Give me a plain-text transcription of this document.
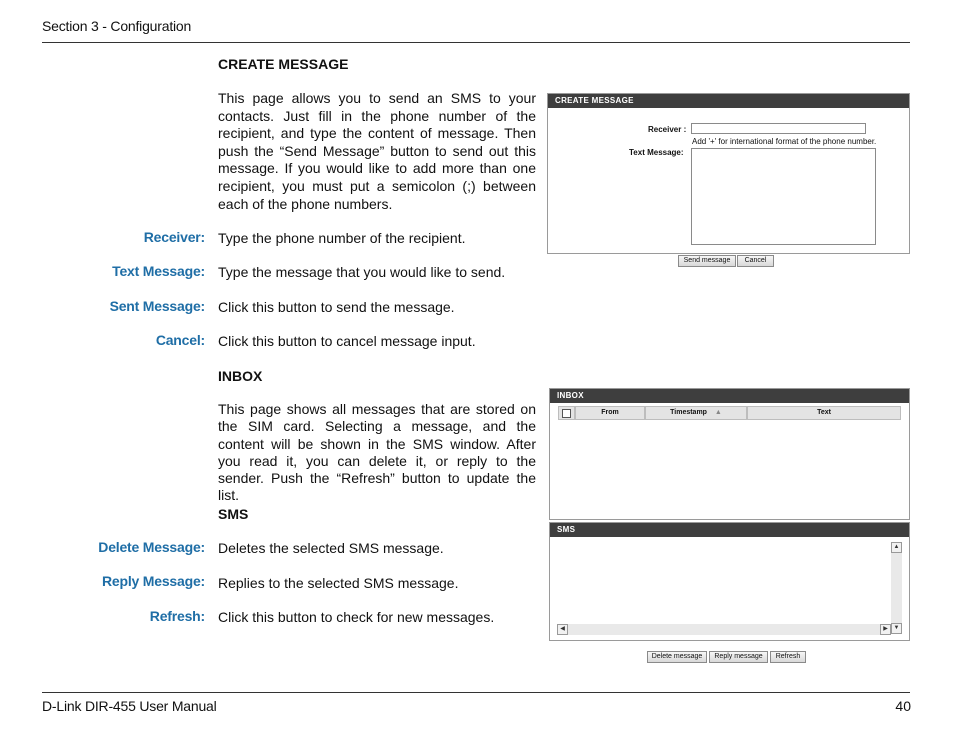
Section 3 - Configuration
CREATE MESSAGE
This page allows you to send an SMS to your contacts. Just fill in the phone number of the recipient, and type the content of message. Then push the “Send Message” button to send out this message. If you would like to add more than one recipient, you must put a semicolon (;) between each of the phone numbers.
Receiver: Type the phone number of the recipient.
Text Message: Type the message that you would like to send.
Sent Message: Click this button to send the message.
Cancel: Click this button to cancel message input.
INBOX
This page shows all messages that are stored on the SIM card. Selecting a message, and the content will be shown in the SMS window. After you read it, you can delete it, or reply to the sender. Push the “Refresh” button to update the list.
SMS
Delete Message: Deletes the selected SMS message.
Reply Message: Replies to the selected SMS message.
Refresh: Click this button to check for new messages.
CREATE MESSAGE
Receiver :
Add '+' for international format of the phone number.
Text Message:
Send message	Cancel
INBOX
From	Timestamp ▲	Text
SMS
▲
▼
◀	▶
Delete message	Reply message	Refresh
D-Link DIR-455 User Manual	40
